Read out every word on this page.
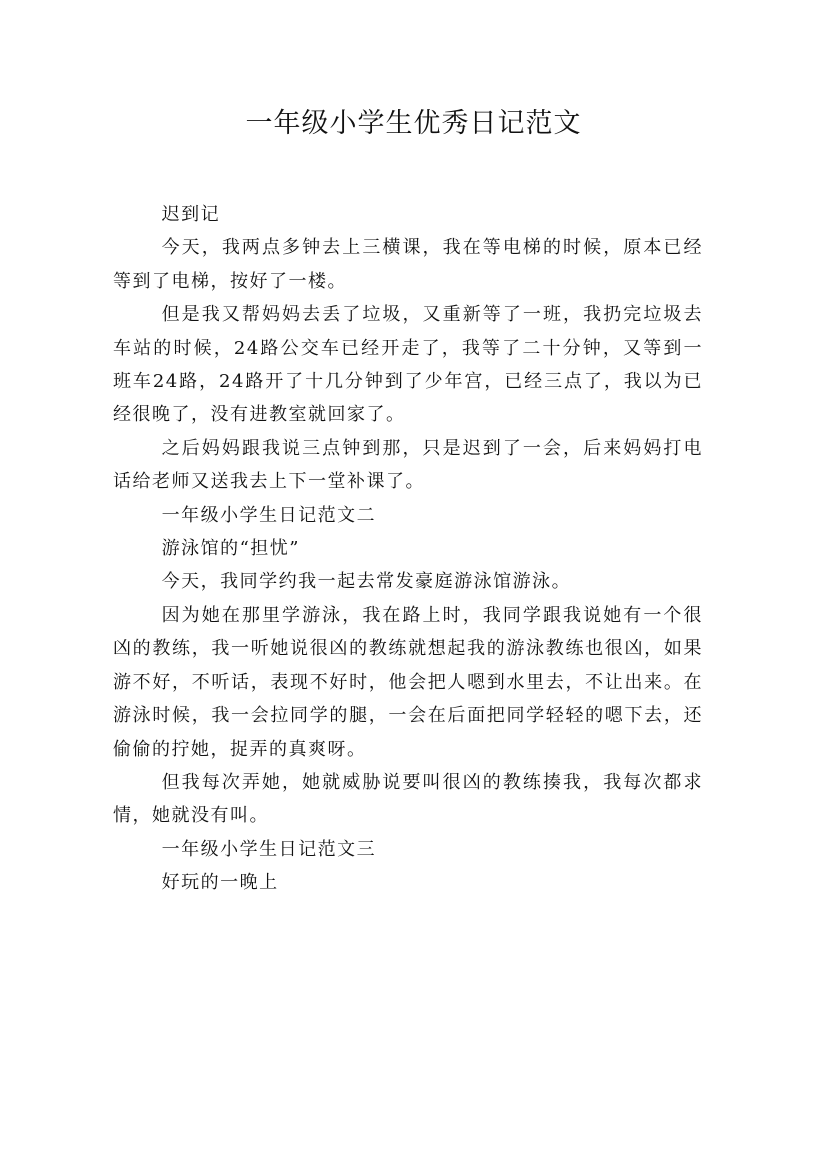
一年级小学生优秀日记范文

迟到记

今天，我两点多钟去上三横课，我在等电梯的时候，原本已经等到了电梯，按好了一楼。

但是我又帮妈妈去丢了垃圾，又重新等了一班，我扔完垃圾去车站的时候，24路公交车已经开走了，我等了二十分钟，又等到一班车24路，24路开了十几分钟到了少年宫，已经三点了，我以为已经很晚了，没有进教室就回家了。

之后妈妈跟我说三点钟到那，只是迟到了一会，后来妈妈打电话给老师又送我去上下一堂补课了。

一年级小学生日记范文二

游泳馆的“担忧”

今天，我同学约我一起去常发豪庭游泳馆游泳。

因为她在那里学游泳，我在路上时，我同学跟我说她有一个很凶的教练，我一听她说很凶的教练就想起我的游泳教练也很凶，如果游不好，不听话，表现不好时，他会把人嗯到水里去，不让出来。在游泳时候，我一会拉同学的腿，一会在后面把同学轻轻的嗯下去，还偷偷的拧她，捉弄的真爽呀。

但我每次弄她，她就威胁说要叫很凶的教练揍我，我每次都求情，她就没有叫。

一年级小学生日记范文三

好玩的一晚上
